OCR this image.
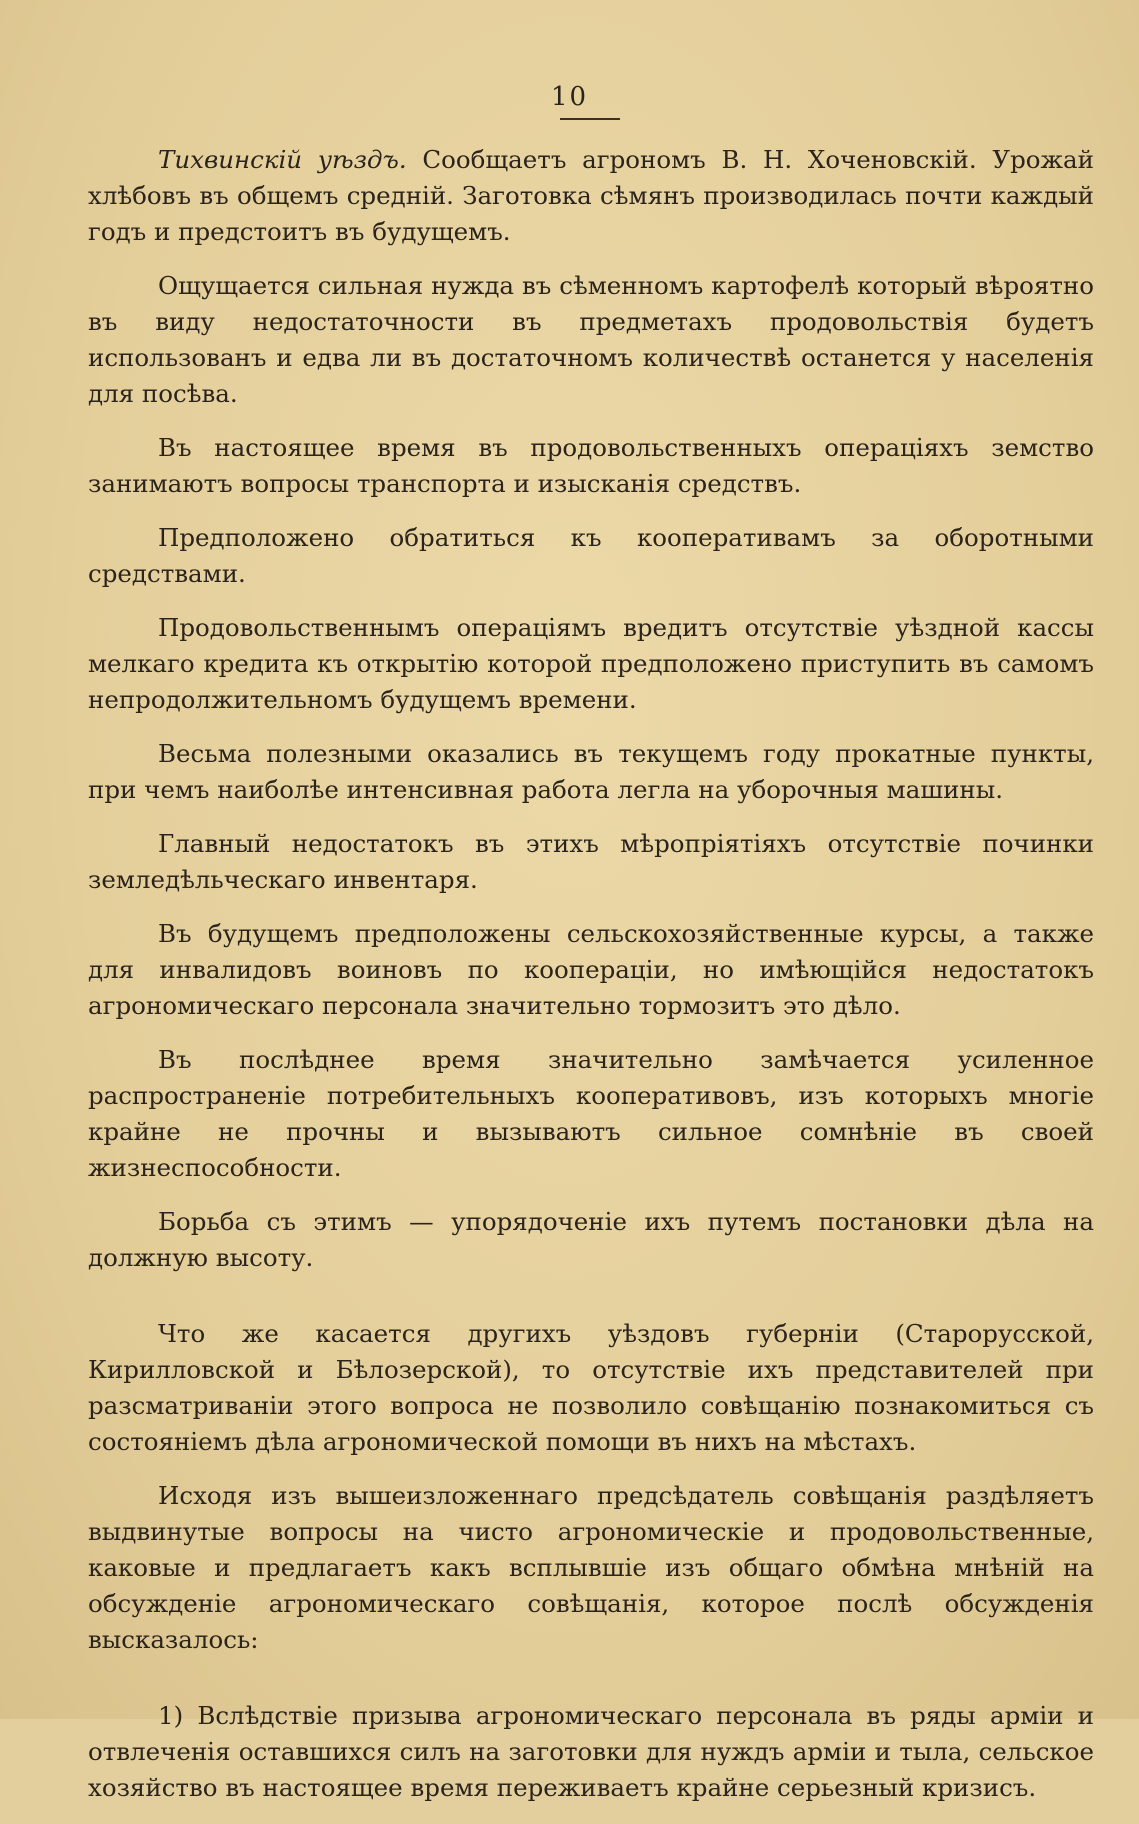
10

Тихвинскій уѣздъ. Сообщаетъ агрономъ В. Н. Хоченовскій. Урожай хлѣбовъ въ общемъ средній. Заготовка сѣмянъ производилась почти каждый годъ и предстоитъ въ будущемъ.

Ощущается сильная нужда въ сѣменномъ картофелѣ который вѣроятно въ виду недостаточности въ предметахъ продовольствія будетъ использованъ и едва ли въ достаточномъ количествѣ останется у населенія для посѣва.

Въ настоящее время въ продовольственныхъ операціяхъ земство занимаютъ вопросы транспорта и изысканія средствъ.

Предположено обратиться къ кооперативамъ за оборотными средствами.

Продовольственнымъ операціямъ вредитъ отсутствіе уѣздной кассы мелкаго кредита къ открытію которой предположено приступить въ самомъ непродолжительномъ будущемъ времени.

Весьма полезными оказались въ текущемъ году прокатные пункты, при чемъ наиболѣе интенсивная работа легла на уборочныя машины.

Главный недостатокъ въ этихъ мѣропріятіяхъ отсутствіе починки земледѣльческаго инвентаря.

Въ будущемъ предположены сельскохозяйственные курсы, а также для инвалидовъ воиновъ по коопераціи, но имѣющійся недостатокъ агрономическаго персонала значительно тормозитъ это дѣло.

Въ послѣднее время значительно замѣчается усиленное распространеніе потребительныхъ кооперативовъ, изъ которыхъ многіе крайне не прочны и вызываютъ сильное сомнѣніе въ своей жизнеспособности.

Борьба съ этимъ — упорядоченіе ихъ путемъ постановки дѣла на должную высоту.

Что же касается другихъ уѣздовъ губерніи (Старорусской, Кирилловской и Бѣлозерской), то отсутствіе ихъ представителей при разсматриваніи этого вопроса не позволило совѣщанію познакомиться съ состояніемъ дѣла агрономической помощи въ нихъ на мѣстахъ.

Исходя изъ вышеизложеннаго предсѣдатель совѣщанія раздѣляетъ выдвинутые вопросы на чисто агрономическіе и продовольственные, каковые и предлагаетъ какъ всплывшіе изъ общаго обмѣна мнѣній на обсужденіе агрономическаго совѣщанія, которое послѣ обсужденія высказалось:

1) Вслѣдствіе призыва агрономическаго персонала въ ряды арміи и отвлеченія оставшихся силъ на заготовки для нуждъ арміи и тыла, сельское хозяйство въ настоящее время переживаетъ крайне серьезный кризисъ.
